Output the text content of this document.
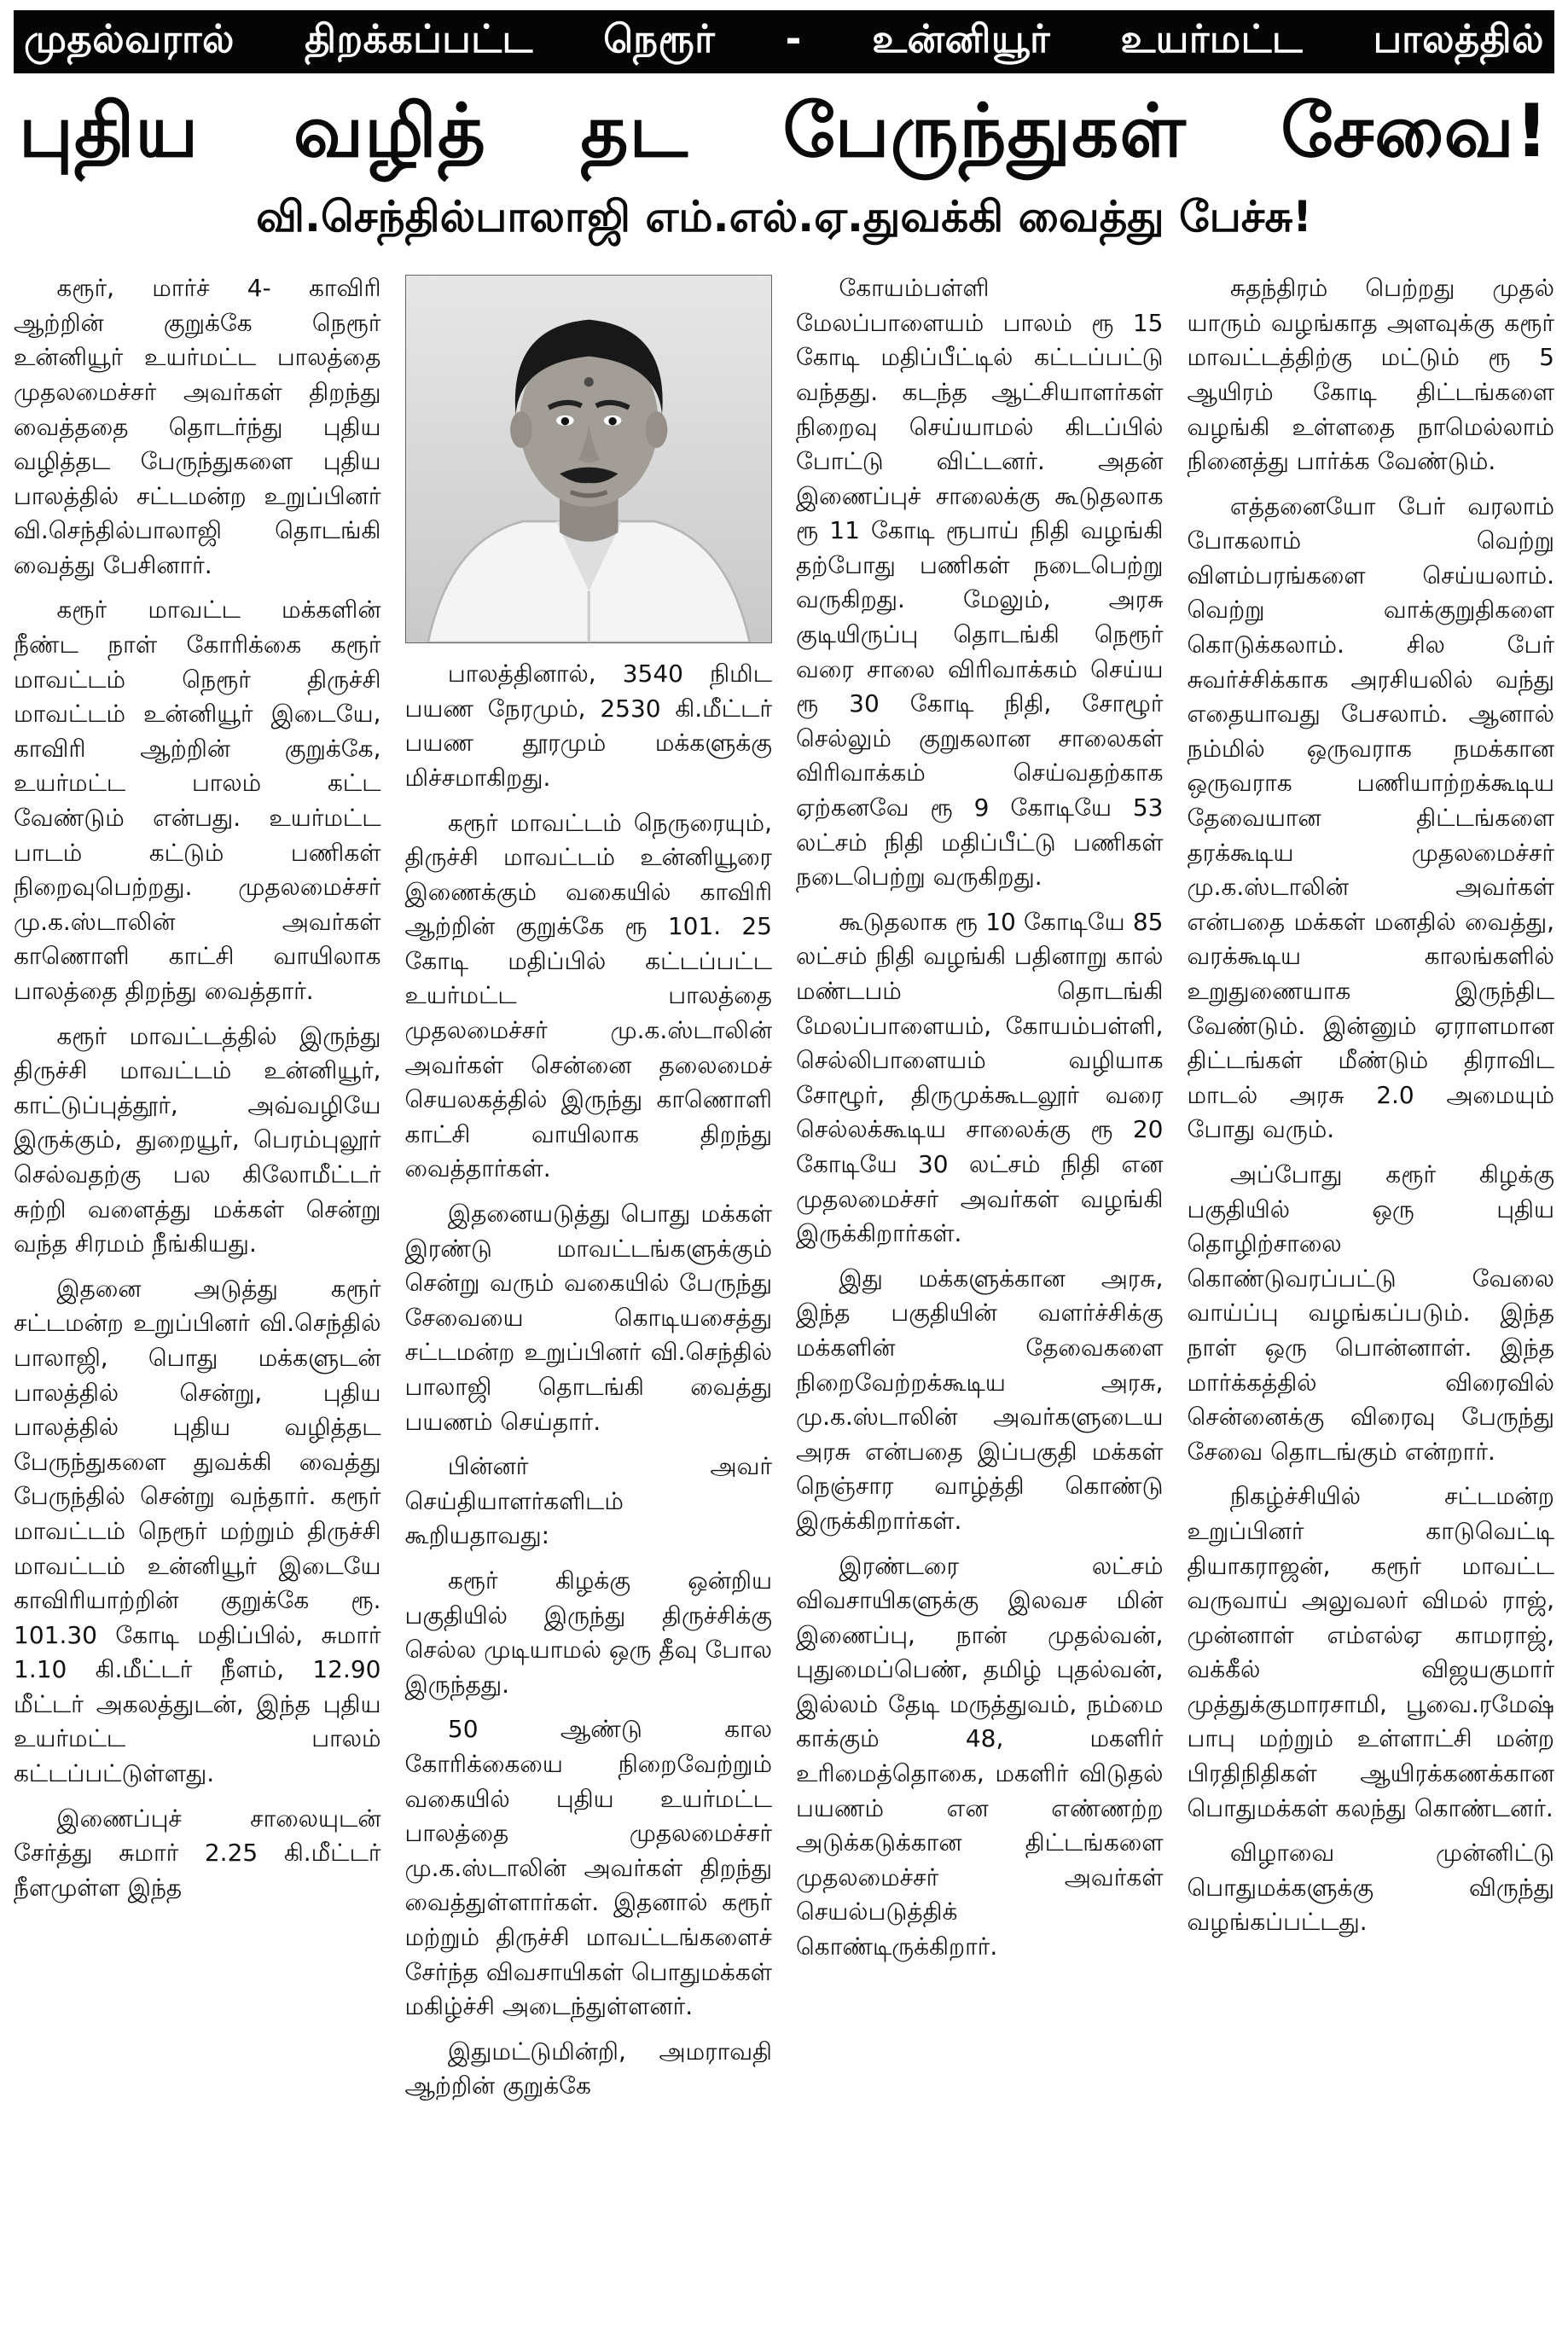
முதல்வரால் திறக்கப்பட்ட நெரூர் - உன்னியூர் உயர்மட்ட பாலத்தில்
புதிய வழித் தட பேருந்துகள் சேவை!
வி.செந்தில்பாலாஜி எம்.எல்.ஏ.துவக்கி வைத்து பேச்சு!

கரூர், மார்ச் 4- காவிரி ஆற்றின் குறுக்கே நெரூர் உன்னியூர் உயர்மட்ட பாலத்தை முதலமைச்சர் அவர்கள் திறந்து வைத்ததை தொடர்ந்து புதிய வழித்தட பேருந்துகளை புதிய பாலத்தில் சட்டமன்ற உறுப்பினர் வி.செந்தில்பாலாஜி தொடங்கி வைத்து பேசினார்.

கரூர் மாவட்ட மக்களின் நீண்ட நாள் கோரிக்கை கரூர் மாவட்டம் நெரூர் திருச்சி மாவட்டம் உன்னியூர் இடையே, காவிரி ஆற்றின் குறுக்கே, உயர்மட்ட பாலம் கட்ட வேண்டும் என்பது. உயர்மட்ட பாடம் கட்டும் பணிகள் நிறைவுபெற்றது. முதலமைச்சர் மு.க.ஸ்டாலின் அவர்கள் காணொளி காட்சி வாயிலாக பாலத்தை திறந்து வைத்தார்.

கரூர் மாவட்டத்தில் இருந்து திருச்சி மாவட்டம் உன்னியூர், காட்டுப்புத்தூர், அவ்வழியே இருக்கும், துறையூர், பெரம்புலூர் செல்வதற்கு பல கிலோமீட்டர் சுற்றி வளைத்து மக்கள் சென்று வந்த சிரமம் நீங்கியது.

இதனை அடுத்து கரூர் சட்டமன்ற உறுப்பினர் வி.செந்தில் பாலாஜி, பொது மக்களுடன் பாலத்தில் சென்று, புதிய பாலத்தில் புதிய வழித்தட பேருந்துகளை துவக்கி வைத்து பேருந்தில் சென்று வந்தார். கரூர் மாவட்டம் நெரூர் மற்றும் திருச்சி மாவட்டம் உன்னியூர் இடையே காவிரியாற்றின் குறுக்கே ரூ. 101.30 கோடி மதிப்பில், சுமார் 1.10 கி.மீட்டர் நீளம், 12.90 மீட்டர் அகலத்துடன், இந்த புதிய உயர்மட்ட பாலம் கட்டப்பட்டுள்ளது.

இணைப்புச் சாலையுடன் சேர்த்து சுமார் 2.25 கி.மீட்டர் நீளமுள்ள இந்த

பாலத்தினால், 3540 நிமிட பயண நேரமும், 2530 கி.மீட்டர் பயண தூரமும் மக்களுக்கு மிச்சமாகிறது.

கரூர் மாவட்டம் நெருரையும், திருச்சி மாவட்டம் உன்னியூரை இணைக்கும் வகையில் காவிரி ஆற்றின் குறுக்கே ரூ 101. 25 கோடி மதிப்பில் கட்டப்பட்ட உயர்மட்ட பாலத்தை முதலமைச்சர் மு.க.ஸ்டாலின் அவர்கள் சென்னை தலைமைச் செயலகத்தில் இருந்து காணொளி காட்சி வாயிலாக திறந்து வைத்தார்கள்.

இதனையடுத்து பொது மக்கள் இரண்டு மாவட்டங்களுக்கும் சென்று வரும் வகையில் பேருந்து சேவையை கொடியசைத்து சட்டமன்ற உறுப்பினர் வி.செந்தில் பாலாஜி தொடங்கி வைத்து பயணம் செய்தார்.

பின்னர் அவர் செய்தியாளர்களிடம் கூறியதாவது:

கரூர் கிழக்கு ஒன்றிய பகுதியில் இருந்து திருச்சிக்கு செல்ல முடியாமல் ஒரு தீவு போல இருந்தது.

50 ஆண்டு கால கோரிக்கையை நிறைவேற்றும் வகையில் புதிய உயர்மட்ட பாலத்தை முதலமைச்சர் மு.க.ஸ்டாலின் அவர்கள் திறந்து வைத்துள்ளார்கள். இதனால் கரூர் மற்றும் திருச்சி மாவட்டங்களைச் சேர்ந்த விவசாயிகள் பொதுமக்கள் மகிழ்ச்சி அடைந்துள்ளனர்.

இதுமட்டுமின்றி, அமராவதி ஆற்றின் குறுக்கே

கோயம்பள்ளி மேலப்பாளையம் பாலம் ரூ 15 கோடி மதிப்பீட்டில் கட்டப்பட்டு வந்தது. கடந்த ஆட்சியாளர்கள் நிறைவு செய்யாமல் கிடப்பில் போட்டு விட்டனர். அதன் இணைப்புச் சாலைக்கு கூடுதலாக ரூ 11 கோடி ரூபாய் நிதி வழங்கி தற்போது பணிகள் நடைபெற்று வருகிறது. மேலும், அரசு குடியிருப்பு தொடங்கி நெரூர் வரை சாலை விரிவாக்கம் செய்ய ரூ 30 கோடி நிதி, சோழூர் செல்லும் குறுகலான சாலைகள் விரிவாக்கம் செய்வதற்காக ஏற்கனவே ரூ 9 கோடியே 53 லட்சம் நிதி மதிப்பீட்டு பணிகள் நடைபெற்று வருகிறது.

கூடுதலாக ரூ 10 கோடியே 85 லட்சம் நிதி வழங்கி பதினாறு கால் மண்டபம் தொடங்கி மேலப்பாளையம், கோயம்பள்ளி, செல்லிபாளையம் வழியாக சோழூர், திருமுக்கூடலூர் வரை செல்லக்கூடிய சாலைக்கு ரூ 20 கோடியே 30 லட்சம் நிதி என முதலமைச்சர் அவர்கள் வழங்கி இருக்கிறார்கள்.

இது மக்களுக்கான அரசு, இந்த பகுதியின் வளர்ச்சிக்கு மக்களின் தேவைகளை நிறைவேற்றக்கூடிய அரசு, மு.க.ஸ்டாலின் அவர்களுடைய அரசு என்பதை இப்பகுதி மக்கள் நெஞ்சார வாழ்த்தி கொண்டு இருக்கிறார்கள்.

இரண்டரை லட்சம் விவசாயிகளுக்கு இலவச மின் இணைப்பு, நான் முதல்வன், புதுமைப்பெண், தமிழ் புதல்வன், இல்லம் தேடி மருத்துவம், நம்மை காக்கும் 48, மகளிர் உரிமைத்தொகை, மகளிர் விடுதல் பயணம் என எண்ணற்ற அடுக்கடுக்கான திட்டங்களை முதலமைச்சர் அவர்கள் செயல்படுத்திக் கொண்டிருக்கிறார்.

சுதந்திரம் பெற்றது முதல் யாரும் வழங்காத அளவுக்கு கரூர் மாவட்டத்திற்கு மட்டும் ரூ 5 ஆயிரம் கோடி திட்டங்களை வழங்கி உள்ளதை நாமெல்லாம் நினைத்து பார்க்க வேண்டும்.

எத்தனையோ பேர் வரலாம் போகலாம் வெற்று விளம்பரங்களை செய்யலாம். வெற்று வாக்குறுதிகளை கொடுக்கலாம். சில பேர் சுவர்ச்சிக்காக அரசியலில் வந்து எதையாவது பேசலாம். ஆனால் நம்மில் ஒருவராக நமக்கான ஒருவராக பணியாற்றக்கூடிய தேவையான திட்டங்களை தரக்கூடிய முதலமைச்சர் மு.க.ஸ்டாலின் அவர்கள் என்பதை மக்கள் மனதில் வைத்து, வரக்கூடிய காலங்களில் உறுதுணையாக இருந்திட வேண்டும். இன்னும் ஏராளமான திட்டங்கள் மீண்டும் திராவிட மாடல் அரசு 2.0 அமையும் போது வரும்.

அப்போது கரூர் கிழக்கு பகுதியில் ஒரு புதிய தொழிற்சாலை கொண்டுவரப்பட்டு வேலை வாய்ப்பு வழங்கப்படும். இந்த நாள் ஒரு பொன்னாள். இந்த மார்க்கத்தில் விரைவில் சென்னைக்கு விரைவு பேருந்து சேவை தொடங்கும் என்றார்.

நிகழ்ச்சியில் சட்டமன்ற உறுப்பினர் காடுவெட்டி தியாகராஜன், கரூர் மாவட்ட வருவாய் அலுவலர் விமல் ராஜ், முன்னாள் எம்எல்ஏ காமராஜ், வக்கீல் விஜயகுமார் முத்துக்குமாரசாமி, பூவை.ரமேஷ் பாபு மற்றும் உள்ளாட்சி மன்ற பிரதிநிதிகள் ஆயிரக்கணக்கான பொதுமக்கள் கலந்து கொண்டனர்.

விழாவை முன்னிட்டு பொதுமக்களுக்கு விருந்து வழங்கப்பட்டது.
